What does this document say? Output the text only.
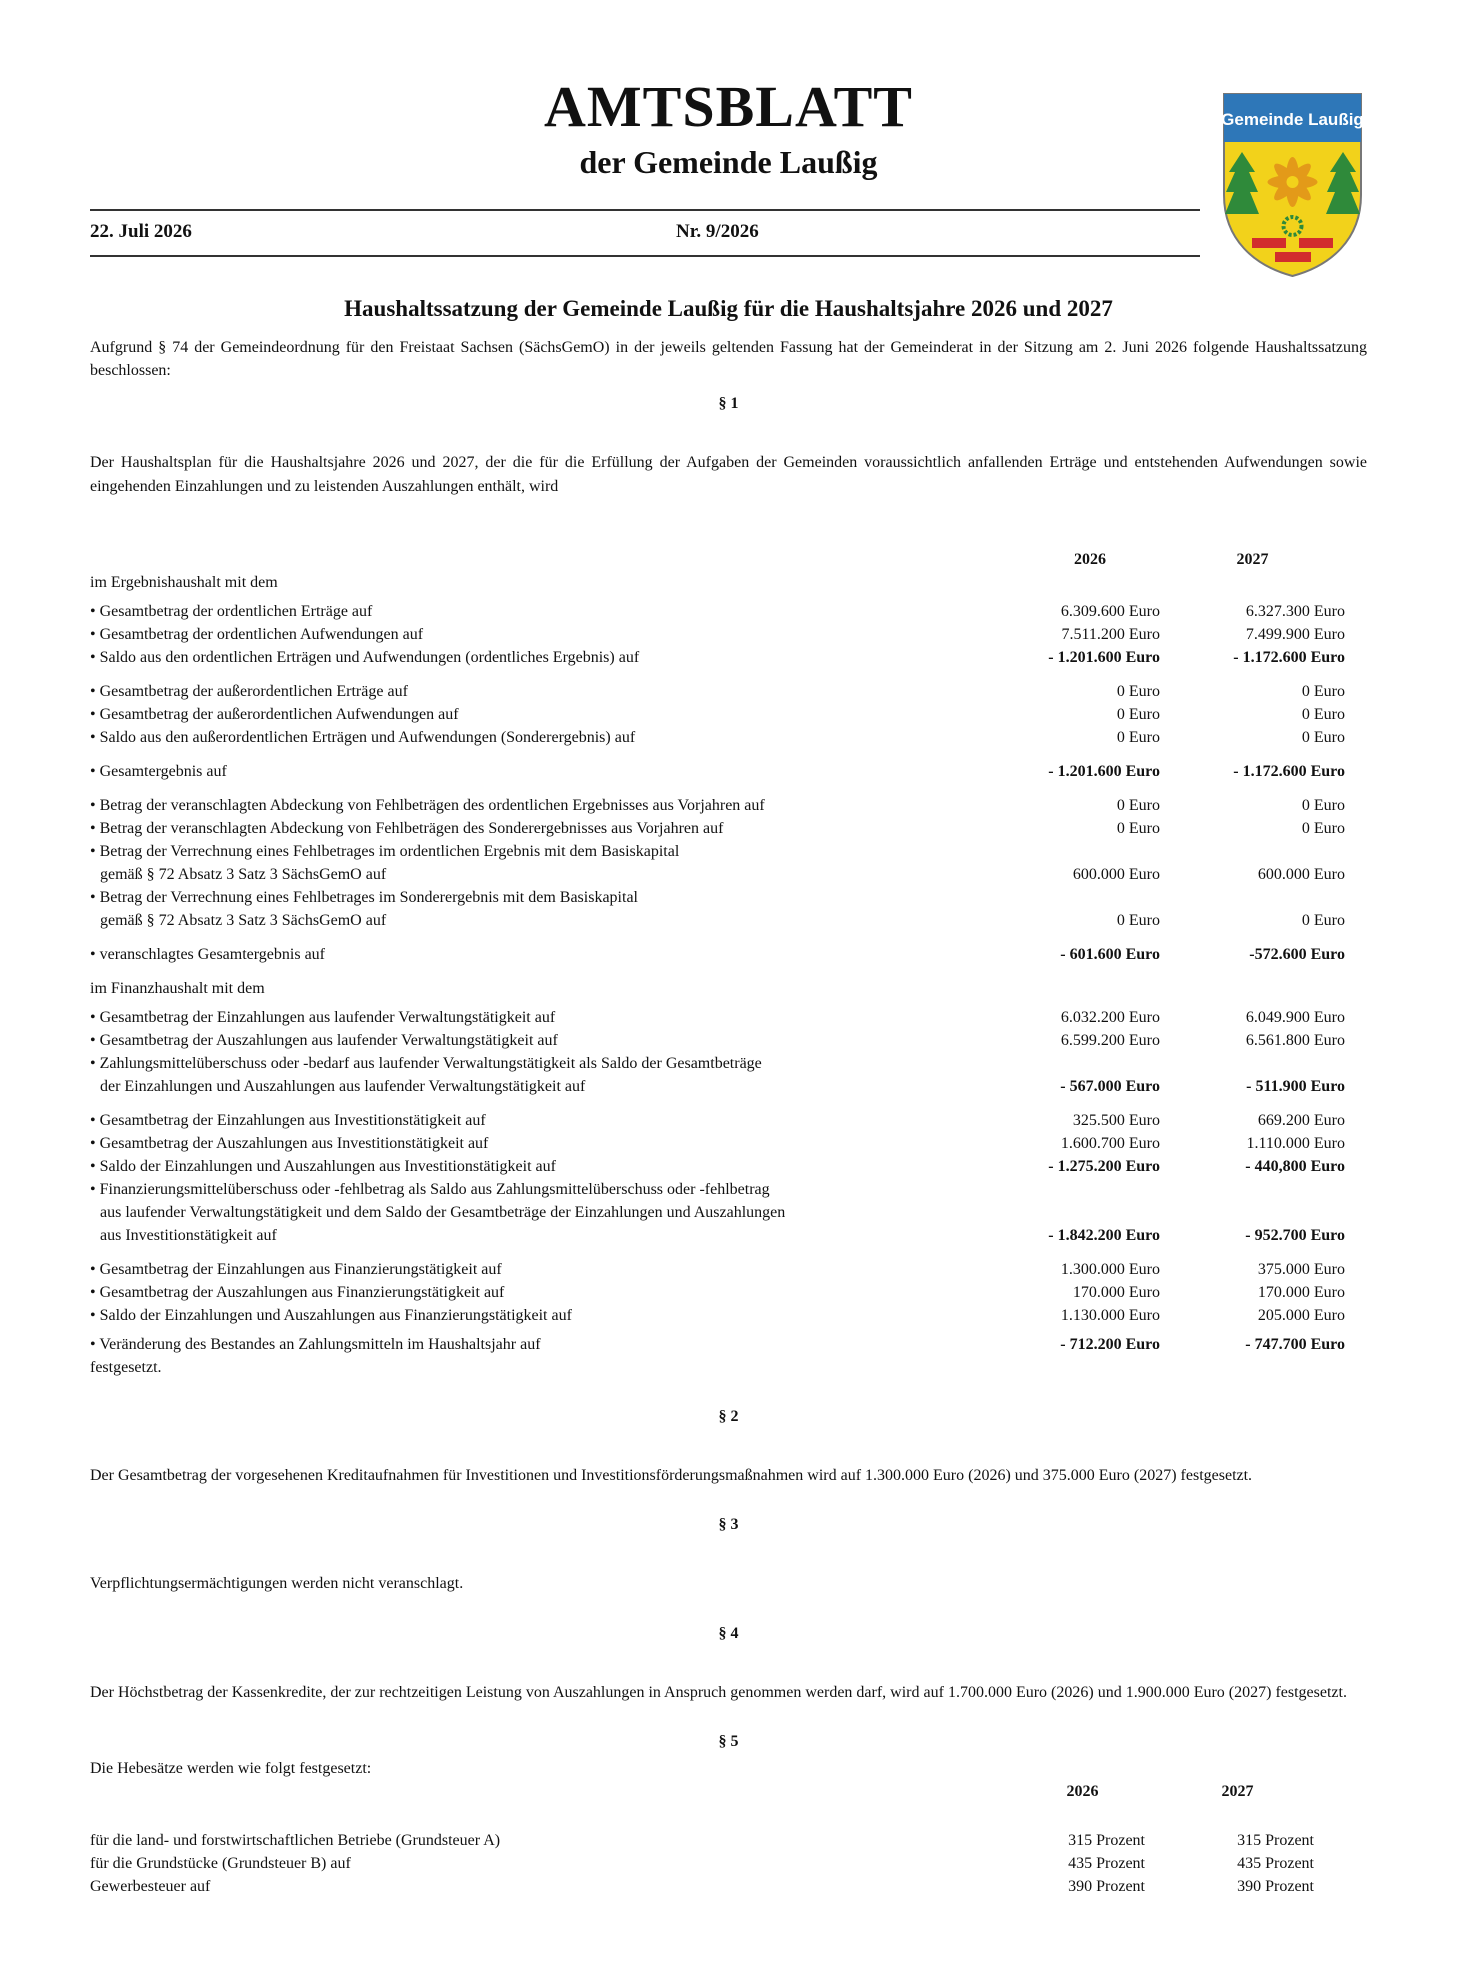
AMTSBLATT
der Gemeinde Laußig
22. Juli 2026	Nr. 9/2026
Gemeinde Laußig
Haushaltssatzung der Gemeinde Laußig für die Haushaltsjahre 2026 und 2027

Aufgrund § 74 der Gemeindeordnung für den Freistaat Sachsen (SächsGemO) in der jeweils geltenden Fassung hat der Gemeinderat in der Sitzung am 2. Juni 2026 folgende Haushaltssatzung beschlossen:

§ 1

Der Haushaltsplan für die Haushaltsjahre 2026 und 2027, der die für die Erfüllung der Aufgaben der Gemeinden voraussichtlich anfallenden Erträge und entstehenden Aufwendungen sowie eingehenden Einzahlungen und zu leistenden Auszahlungen enthält, wird

2026	2027
im Ergebnishaushalt mit dem
• Gesamtbetrag der ordentlichen Erträge auf	6.309.600 Euro	6.327.300 Euro
• Gesamtbetrag der ordentlichen Aufwendungen auf	7.511.200 Euro	7.499.900 Euro
• Saldo aus den ordentlichen Erträgen und Aufwendungen (ordentliches Ergebnis) auf	- 1.201.600 Euro	- 1.172.600 Euro
• Gesamtbetrag der außerordentlichen Erträge auf	0 Euro	0 Euro
• Gesamtbetrag der außerordentlichen Aufwendungen auf	0 Euro	0 Euro
• Saldo aus den außerordentlichen Erträgen und Aufwendungen (Sonderergebnis) auf	0 Euro	0 Euro
• Gesamtergebnis auf	- 1.201.600 Euro	- 1.172.600 Euro
• Betrag der veranschlagten Abdeckung von Fehlbeträgen des ordentlichen Ergebnisses aus Vorjahren auf	0 Euro	0 Euro
• Betrag der veranschlagten Abdeckung von Fehlbeträgen des Sonderergebnisses aus Vorjahren auf	0 Euro	0 Euro
• Betrag der Verrechnung eines Fehlbetrages im ordentlichen Ergebnis mit dem Basiskapital
gemäß § 72 Absatz 3 Satz 3 SächsGemO auf	600.000 Euro	600.000 Euro
• Betrag der Verrechnung eines Fehlbetrages im Sonderergebnis mit dem Basiskapital
gemäß § 72 Absatz 3 Satz 3 SächsGemO auf	0 Euro	0 Euro
• veranschlagtes Gesamtergebnis auf	- 601.600 Euro	-572.600 Euro
im Finanzhaushalt mit dem
• Gesamtbetrag der Einzahlungen aus laufender Verwaltungstätigkeit auf	6.032.200 Euro	6.049.900 Euro
• Gesamtbetrag der Auszahlungen aus laufender Verwaltungstätigkeit auf	6.599.200 Euro	6.561.800 Euro
• Zahlungsmittelüberschuss oder -bedarf aus laufender Verwaltungstätigkeit als Saldo der Gesamtbeträge
der Einzahlungen und Auszahlungen aus laufender Verwaltungstätigkeit auf	- 567.000 Euro	- 511.900 Euro
• Gesamtbetrag der Einzahlungen aus Investitionstätigkeit auf	325.500 Euro	669.200 Euro
• Gesamtbetrag der Auszahlungen aus Investitionstätigkeit auf	1.600.700 Euro	1.110.000 Euro
• Saldo der Einzahlungen und Auszahlungen aus Investitionstätigkeit auf	- 1.275.200 Euro	- 440,800 Euro
• Finanzierungsmittelüberschuss oder -fehlbetrag als Saldo aus Zahlungsmittelüberschuss oder -fehlbetrag
aus laufender Verwaltungstätigkeit und dem Saldo der Gesamtbeträge der Einzahlungen und Auszahlungen
aus Investitionstätigkeit auf	- 1.842.200 Euro	- 952.700 Euro
• Gesamtbetrag der Einzahlungen aus Finanzierungstätigkeit auf	1.300.000 Euro	375.000 Euro
• Gesamtbetrag der Auszahlungen aus Finanzierungstätigkeit auf	170.000 Euro	170.000 Euro
• Saldo der Einzahlungen und Auszahlungen aus Finanzierungstätigkeit auf	1.130.000 Euro	205.000 Euro
• Veränderung des Bestandes an Zahlungsmitteln im Haushaltsjahr auf	- 712.200 Euro	- 747.700 Euro
festgesetzt.
§ 2

Der Gesamtbetrag der vorgesehenen Kreditaufnahmen für Investitionen und Investitionsförderungsmaßnahmen wird auf 1.300.000 Euro (2026) und 375.000 Euro (2027) festgesetzt.

§ 3

Verpflichtungsermächtigungen werden nicht veranschlagt.

§ 4

Der Höchstbetrag der Kassenkredite, der zur rechtzeitigen Leistung von Auszahlungen in Anspruch genommen werden darf, wird auf 1.700.000 Euro (2026) und 1.900.000 Euro (2027) festgesetzt.

§ 5

Die Hebesätze werden wie folgt festgesetzt:

2026	2027
für die land- und forstwirtschaftlichen Betriebe (Grundsteuer A)	315 Prozent	315 Prozent
für die Grundstücke (Grundsteuer B) auf	435 Prozent	435 Prozent
Gewerbesteuer auf	390 Prozent	390 Prozent
